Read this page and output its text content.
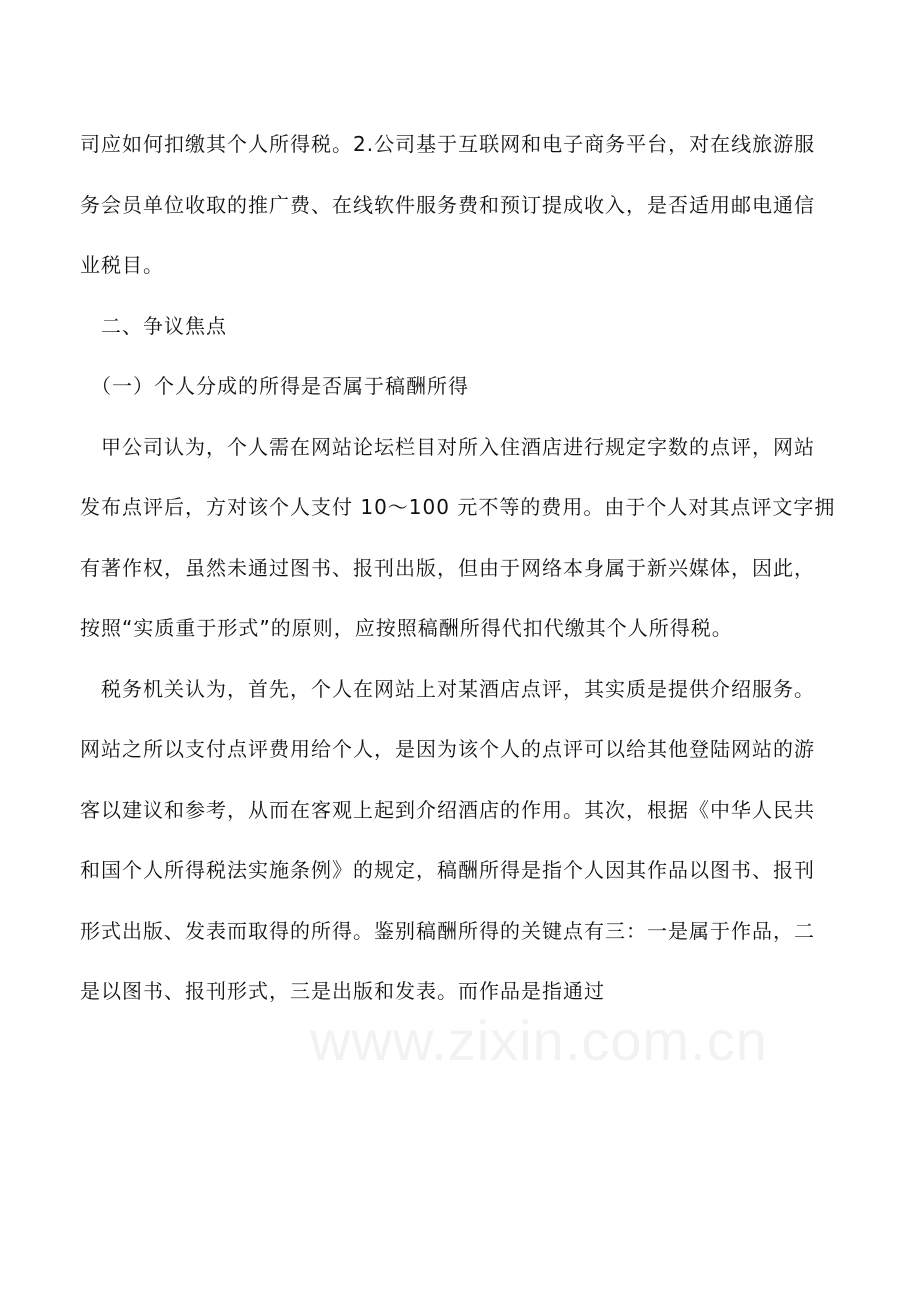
司应如何扣缴其个人所得税。2.公司基于互联网和电子商务平台，对在线旅游服
务会员单位收取的推广费、在线软件服务费和预订提成收入，是否适用邮电通信
业税目。
　二、争议焦点
　（一）个人分成的所得是否属于稿酬所得
　甲公司认为，个人需在网站论坛栏目对所入住酒店进行规定字数的点评，网站
发布点评后，方对该个人支付 10～100 元不等的费用。由于个人对其点评文字拥
有著作权，虽然未通过图书、报刊出版，但由于网络本身属于新兴媒体，因此，
按照“实质重于形式”的原则，应按照稿酬所得代扣代缴其个人所得税。
　税务机关认为，首先，个人在网站上对某酒店点评，其实质是提供介绍服务。
网站之所以支付点评费用给个人，是因为该个人的点评可以给其他登陆网站的游
客以建议和参考，从而在客观上起到介绍酒店的作用。其次，根据《中华人民共
和国个人所得税法实施条例》的规定，稿酬所得是指个人因其作品以图书、报刊
形式出版、发表而取得的所得。鉴别稿酬所得的关键点有三：一是属于作品，二
是以图书、报刊形式，三是出版和发表。而作品是指通过
www.zixin.com.cn
